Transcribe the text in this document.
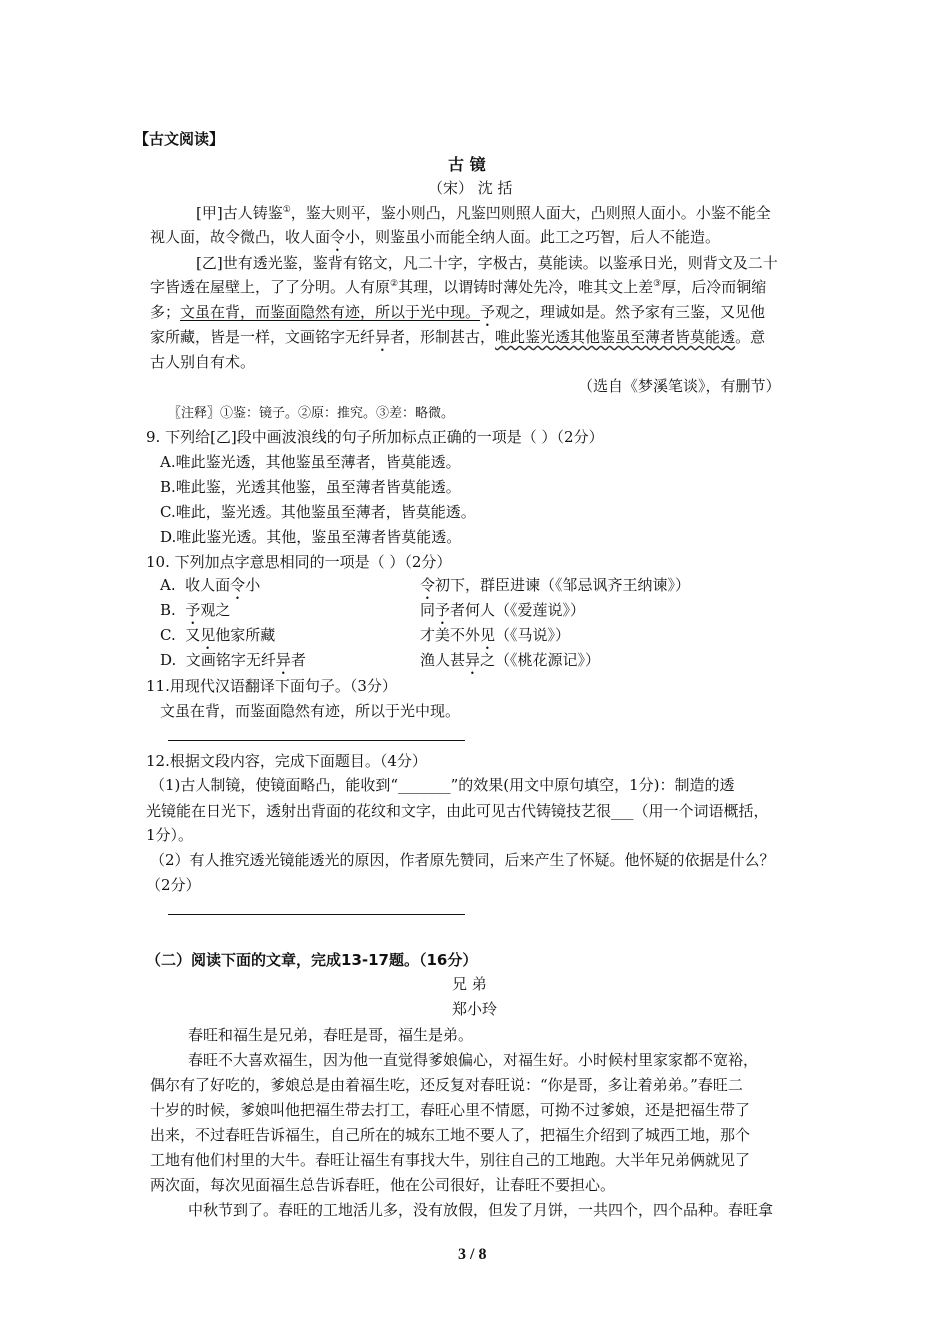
【古文阅读】
古 镜
（宋） 沈 括
[甲]古人铸鉴①，鉴大则平，鉴小则凸，凡鉴凹则照人面大，凸则照人面小。小鉴不能全
视人面，故令微凸，收人面令小，则鉴虽小而能全纳人面。此工之巧智，后人不能造。
[乙]世有透光鉴，鉴背有铭文，凡二十字，字极古，莫能读。以鉴承日光，则背文及二十
字皆透在屋壁上，了了分明。人有原②其理，以谓铸时薄处先冷，唯其文上差③厚，后冷而铜缩
多；文虽在背，而鉴面隐然有迹，所以于光中现。予观之，理诚如是。然予家有三鉴，又见他
家所藏，皆是一样，文画铭字无纤异者，形制甚古，唯此鉴光透其他鉴虽至薄者皆莫能透。意
古人别自有术。
（选自《梦溪笔谈》，有删节）
〖注释〗①鉴：镜子。②原：推究。③差：略微。
9. 下列给[乙]段中画波浪线的句子所加标点正确的一项是（ ）（2分）
A.唯此鉴光透，其他鉴虽至薄者，皆莫能透。
B.唯此鉴，光透其他鉴，虽至薄者皆莫能透。
C.唯此，鉴光透。其他鉴虽至薄者，皆莫能透。
D.唯此鉴光透。其他，鉴虽至薄者皆莫能透。
10. 下列加点字意思相同的一项是（ ）（2分）
A. 收人面令小	令初下，群臣进谏（《邹忌讽齐王纳谏》）
B. 予观之	同予者何人（《爱莲说》）
C. 又见他家所藏	才美不外见（《马说》）
D. 文画铭字无纤异者	渔人甚异之（《桃花源记》）
11.用现代汉语翻译下面句子。（3分）
文虽在背，而鉴面隐然有迹，所以于光中现。
12.根据文段内容，完成下面题目。（4分）
（1)古人制镜，使镜面略凸，能收到“_______”的效果(用文中原句填空，1分)：制造的透
光镜能在日光下，透射出背面的花纹和文字，由此可见古代铸镜技艺很___（用一个词语概括，
1分）。
（2）有人推究透光镜能透光的原因，作者原先赞同，后来产生了怀疑。他怀疑的依据是什么？
（2分）
（二）阅读下面的文章，完成13-17题。（16分）
兄 弟
郑小玲
春旺和福生是兄弟，春旺是哥，福生是弟。
春旺不大喜欢福生，因为他一直觉得爹娘偏心，对福生好。小时候村里家家都不宽裕，
偶尔有了好吃的，爹娘总是由着福生吃，还反复对春旺说：“你是哥，多让着弟弟。”春旺二
十岁的时候，爹娘叫他把福生带去打工，春旺心里不情愿，可拗不过爹娘，还是把福生带了
出来，不过春旺告诉福生，自己所在的城东工地不要人了，把福生介绍到了城西工地，那个
工地有他们村里的大牛。春旺让福生有事找大牛，别往自己的工地跑。大半年兄弟俩就见了
两次面，每次见面福生总告诉春旺，他在公司很好，让春旺不要担心。
中秋节到了。春旺的工地活儿多，没有放假，但发了月饼，一共四个，四个品种。春旺拿
3 / 8
